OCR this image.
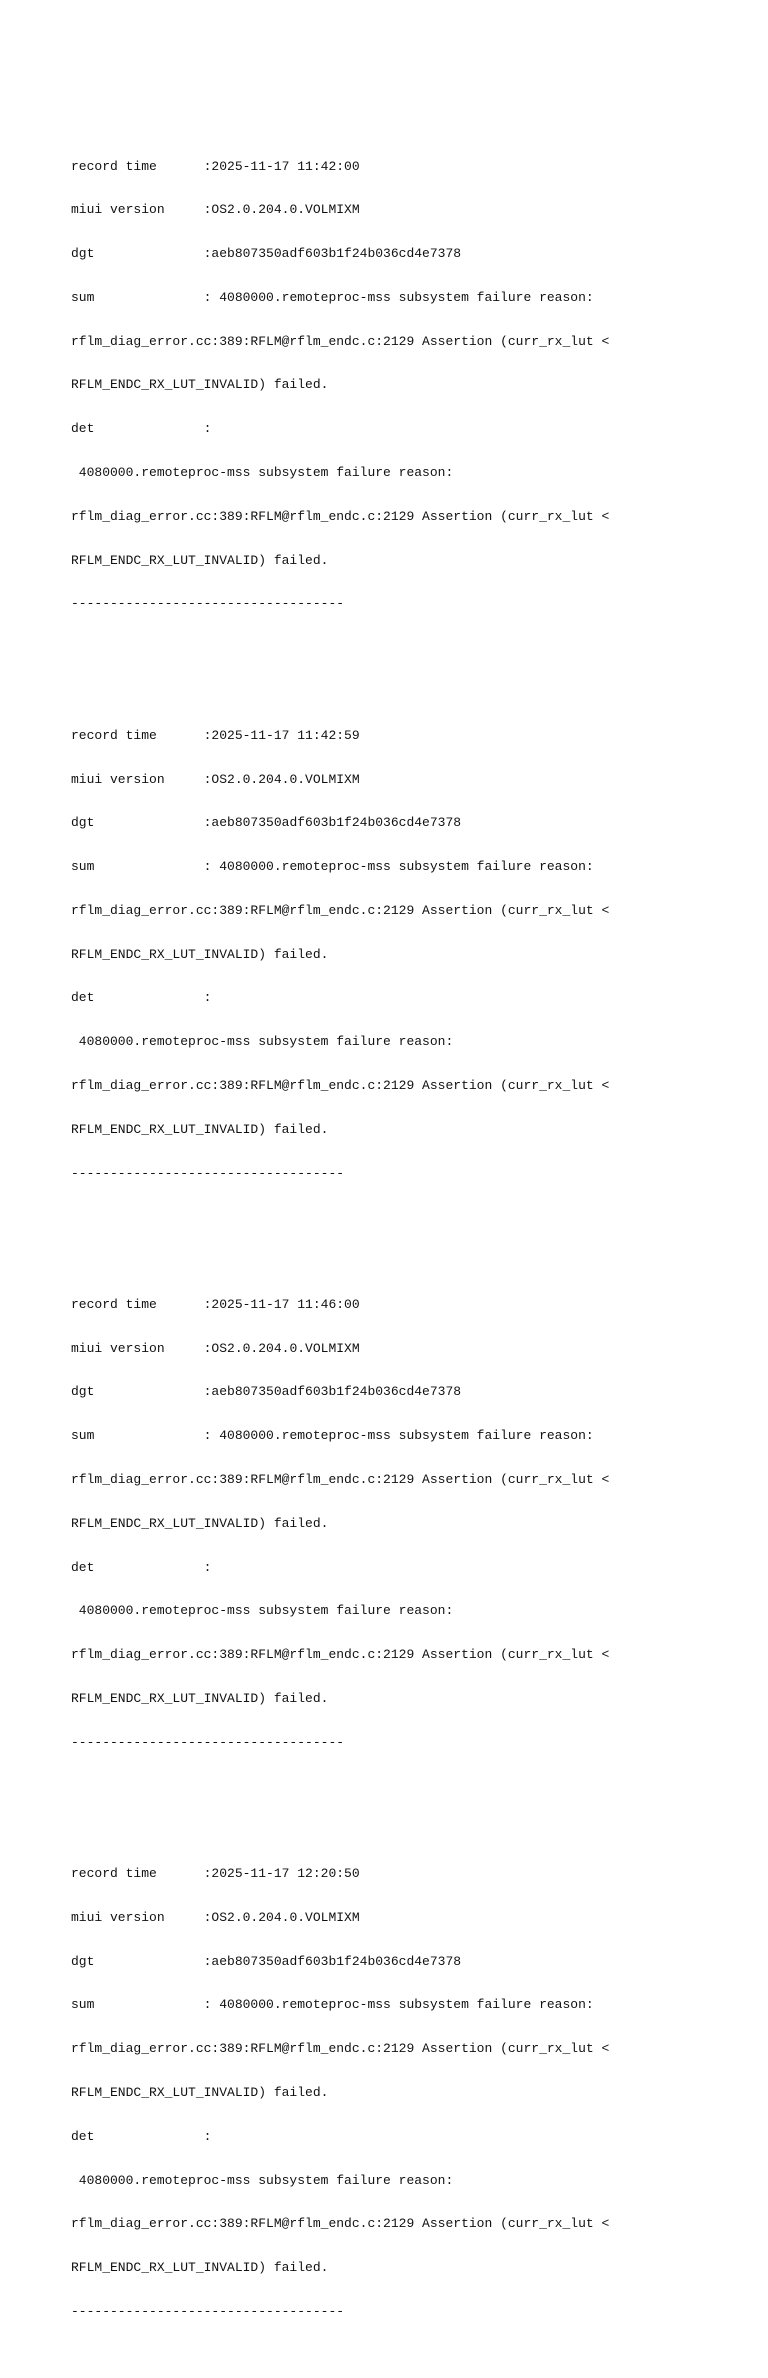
record time      :2025-11-17 11:42:00

miui version     :OS2.0.204.0.VOLMIXM

dgt              :aeb807350adf603b1f24b036cd4e7378

sum              : 4080000.remoteproc-mss subsystem failure reason:

rflm_diag_error.cc:389:RFLM@rflm_endc.c:2129 Assertion (curr_rx_lut <

RFLM_ENDC_RX_LUT_INVALID) failed.

det              :

4080000.remoteproc-mss subsystem failure reason:

rflm_diag_error.cc:389:RFLM@rflm_endc.c:2129 Assertion (curr_rx_lut <

RFLM_ENDC_RX_LUT_INVALID) failed.

-----------------------------------

record time      :2025-11-17 11:42:59

miui version     :OS2.0.204.0.VOLMIXM

dgt              :aeb807350adf603b1f24b036cd4e7378

sum              : 4080000.remoteproc-mss subsystem failure reason:

rflm_diag_error.cc:389:RFLM@rflm_endc.c:2129 Assertion (curr_rx_lut <

RFLM_ENDC_RX_LUT_INVALID) failed.

det              :

4080000.remoteproc-mss subsystem failure reason:

rflm_diag_error.cc:389:RFLM@rflm_endc.c:2129 Assertion (curr_rx_lut <

RFLM_ENDC_RX_LUT_INVALID) failed.

-----------------------------------

record time      :2025-11-17 11:46:00

miui version     :OS2.0.204.0.VOLMIXM

dgt              :aeb807350adf603b1f24b036cd4e7378

sum              : 4080000.remoteproc-mss subsystem failure reason:

rflm_diag_error.cc:389:RFLM@rflm_endc.c:2129 Assertion (curr_rx_lut <

RFLM_ENDC_RX_LUT_INVALID) failed.

det              :

4080000.remoteproc-mss subsystem failure reason:

rflm_diag_error.cc:389:RFLM@rflm_endc.c:2129 Assertion (curr_rx_lut <

RFLM_ENDC_RX_LUT_INVALID) failed.

-----------------------------------

record time      :2025-11-17 12:20:50

miui version     :OS2.0.204.0.VOLMIXM

dgt              :aeb807350adf603b1f24b036cd4e7378

sum              : 4080000.remoteproc-mss subsystem failure reason:

rflm_diag_error.cc:389:RFLM@rflm_endc.c:2129 Assertion (curr_rx_lut <

RFLM_ENDC_RX_LUT_INVALID) failed.

det              :

4080000.remoteproc-mss subsystem failure reason:

rflm_diag_error.cc:389:RFLM@rflm_endc.c:2129 Assertion (curr_rx_lut <

RFLM_ENDC_RX_LUT_INVALID) failed.

-----------------------------------
